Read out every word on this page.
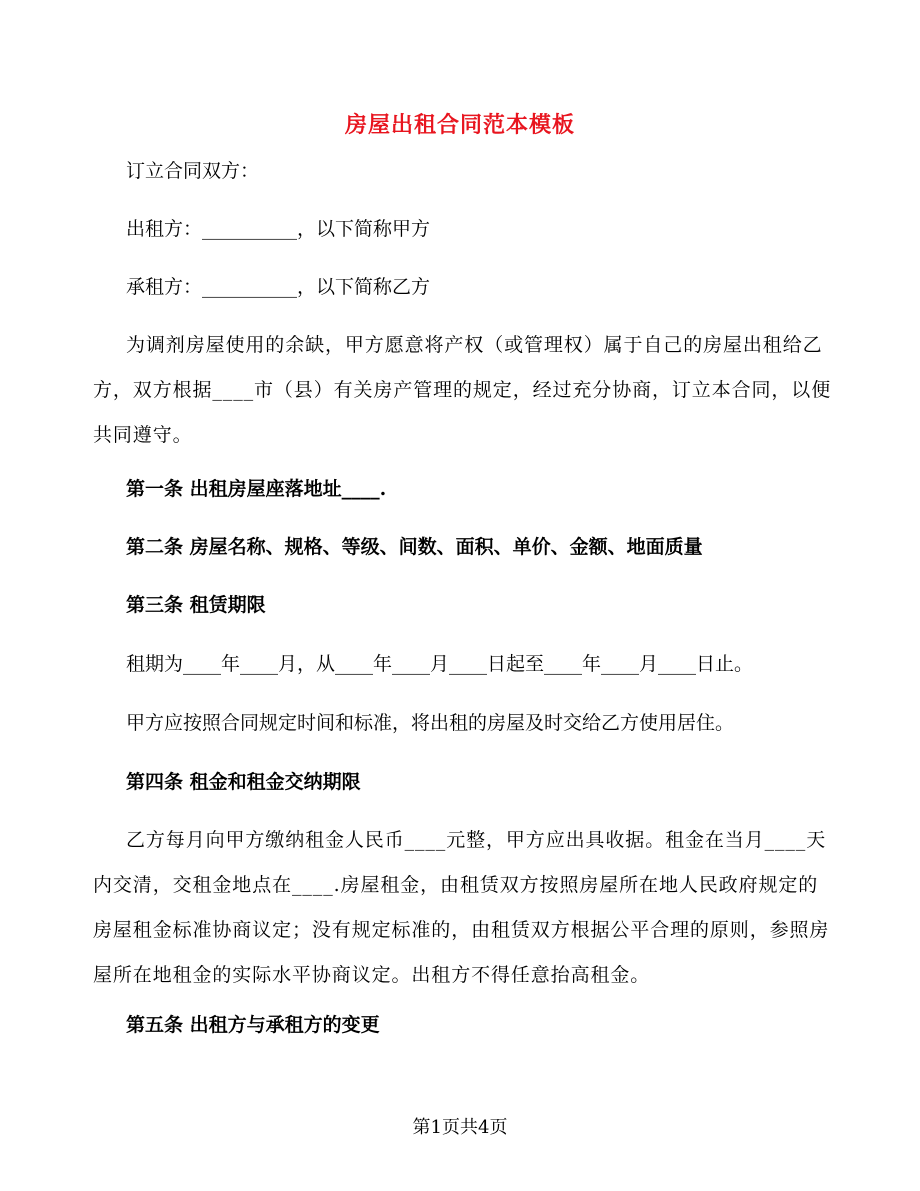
房屋出租合同范本模板

订立合同双方：

出租方：__________，以下简称甲方

承租方：__________，以下简称乙方

为调剂房屋使用的余缺，甲方愿意将产权（或管理权）属于自己的房屋出租给乙方，双方根据____市（县）有关房产管理的规定，经过充分协商，订立本合同，以便共同遵守。

第一条 出租房屋座落地址____.

第二条 房屋名称、规格、等级、间数、面积、单价、金额、地面质量

第三条 租赁期限

租期为____年____月，从____年____月____日起至____年____月____日止。

甲方应按照合同规定时间和标准，将出租的房屋及时交给乙方使用居住。

第四条 租金和租金交纳期限

乙方每月向甲方缴纳租金人民币____元整，甲方应出具收据。租金在当月____天内交清，交租金地点在____.房屋租金，由租赁双方按照房屋所在地人民政府规定的房屋租金标准协商议定；没有规定标准的，由租赁双方根据公平合理的原则，参照房屋所在地租金的实际水平协商议定。出租方不得任意抬高租金。

第五条 出租方与承租方的变更

第1页共4页
